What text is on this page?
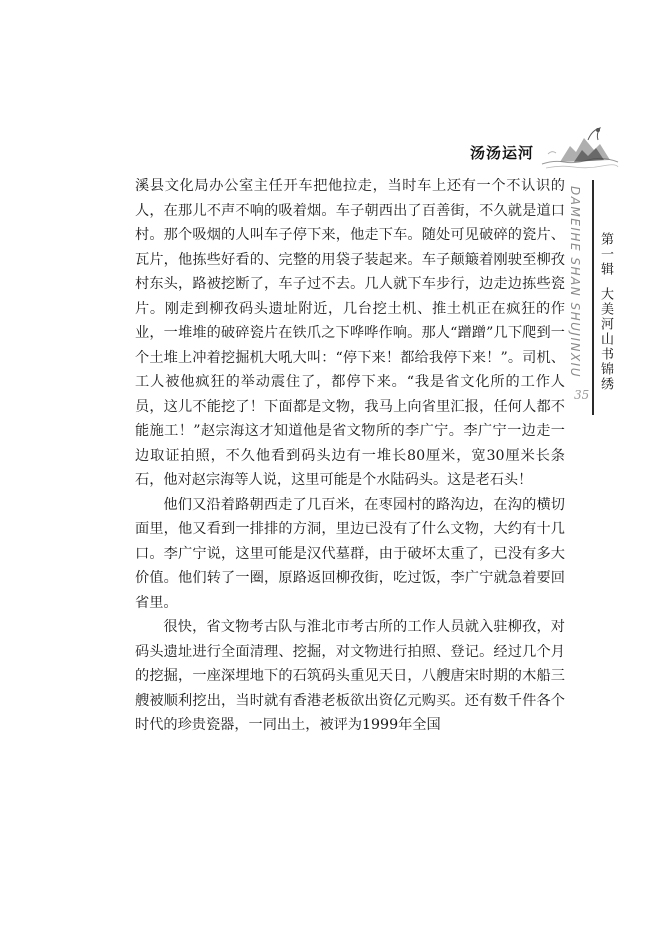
汤汤运河
DAMEIHE SHAN SHUJINXIU 第一辑大美河山书锦绣
35

溪县文化局办公室主任开车把他拉走，当时车上还有一个不认识的人，在那儿不声不响的吸着烟。车子朝西出了百善街，不久就是道口村。那个吸烟的人叫车子停下来，他走下车。随处可见破碎的瓷片、瓦片，他拣些好看的、完整的用袋子装起来。车子颠簸着刚驶至柳孜村东头，路被挖断了，车子过不去。几人就下车步行，边走边拣些瓷片。刚走到柳孜码头遗址附近，几台挖土机、推土机正在疯狂的作业，一堆堆的破碎瓷片在铁爪之下哗哗作响。那人“蹭蹭”几下爬到一个土堆上冲着挖掘机大吼大叫：“停下来！都给我停下来！”。司机、工人被他疯狂的举动震住了，都停下来。“我是省文化所的工作人员，这儿不能挖了！下面都是文物，我马上向省里汇报，任何人都不能施工！”赵宗海这才知道他是省文物所的李广宁。李广宁一边走一边取证拍照，不久他看到码头边有一堆长80厘米，宽30厘米长条石，他对赵宗海等人说，这里可能是个水陆码头。这是老石头！

他们又沿着路朝西走了几百米，在枣园村的路沟边，在沟的横切面里，他又看到一排排的方洞，里边已没有了什么文物，大约有十几口。李广宁说，这里可能是汉代墓群，由于破坏太重了，已没有多大价值。他们转了一圈，原路返回柳孜街，吃过饭，李广宁就急着要回省里。

很快，省文物考古队与淮北市考古所的工作人员就入驻柳孜，对码头遗址进行全面清理、挖掘，对文物进行拍照、登记。经过几个月的挖掘，一座深埋地下的石筑码头重见天日，八艘唐宋时期的木船三艘被顺利挖出，当时就有香港老板欲出资亿元购买。还有数千件各个时代的珍贵瓷器，一同出土，被评为1999年全国
